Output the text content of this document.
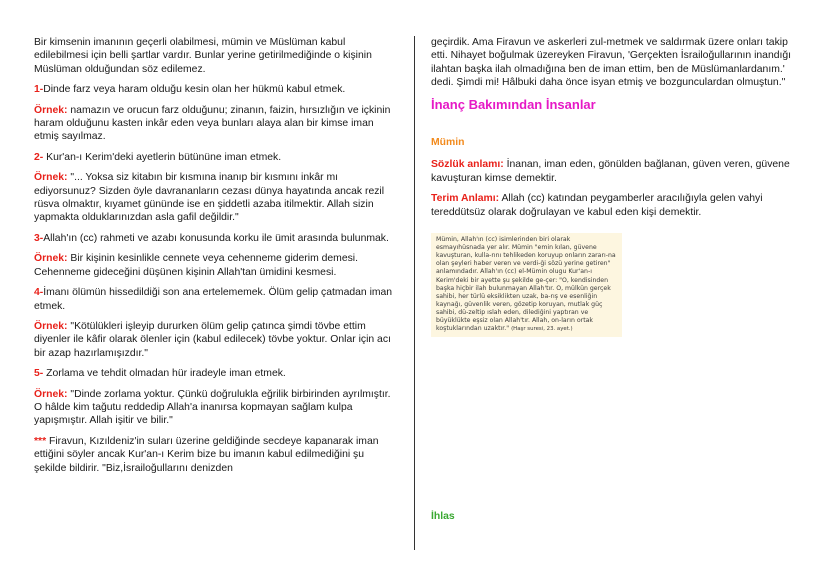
Bir kimsenin imanının geçerli olabilmesi, mümin ve Müslüman kabul edilebilmesi için belli şartlar vardır. Bunlar yerine getirilmediğinde o kişinin Müslüman olduğundan söz edilemez.

1-Dinde farz veya haram olduğu kesin olan her hükmü kabul etmek.

Örnek: namazın ve orucun farz olduğunu; zinanın, faizin, hırsızlığın ve içkinin haram olduğunu kasten inkâr eden veya bunları alaya alan bir kimse iman etmiş sayılmaz.

2- Kur'an-ı Kerim'deki ayetlerin bütününe iman etmek.

Örnek: "... Yoksa siz kitabın bir kısmına inanıp bir kısmını inkâr mı ediyorsunuz? Sizden öyle davrananların cezası dünya hayatında ancak rezil rüsva olmaktır, kıyamet gününde ise en şiddetli azaba itilmektir. Allah sizin yapmakta olduklarınızdan asla gafil değildir."

3-Allah'ın (cc) rahmeti ve azabı konusunda korku ile ümit arasında bulunmak.

Örnek: Bir kişinin kesinlikle cennete veya cehenneme giderim demesi. Cehenneme gideceğini düşünen kişinin Allah'tan ümidini kesmesi.

4-İmanı ölümün hissedildiği son ana ertelememek. Ölüm gelip çatmadan iman etmek.

Örnek: "Kötülükleri işleyip dururken ölüm gelip çatınca şimdi tövbe ettim diyenler ile kâfir olarak ölenler için (kabul edilecek) tövbe yoktur. Onlar için acı bir azap hazırlamışızdır."

5- Zorlama ve tehdit olmadan hür iradeyle iman etmek.

Örnek: "Dinde zorlama yoktur. Çünkü doğrulukla eğrilik birbirinden ayrılmıştır. O hâlde kim tağutu reddedip Allah'a inanırsa kopmayan sağlam kulpa yapışmıştır. Allah işitir ve bilir."

*** Firavun, Kızıldeniz'in suları üzerine geldiğinde secdeye kapanarak iman ettiğini söyler ancak Kur'an-ı Kerim bize bu imanın kabul edilmediğini şu şekilde bildirir. "Biz,İsrailoğullarını denizden

geçirdik. Ama Firavun ve askerleri zul-metmek ve saldırmak üzere onları takip etti. Nihayet boğulmak üzereyken Firavun, 'Gerçekten İsrailoğullarının inandığı ilahtan başka ilah olmadığına ben de iman ettim, ben de Müslümanlardanım.' dedi. Şimdi mi! Hâlbuki daha önce isyan etmiş ve bozgunculardan olmuştun."

İnanç Bakımından İnsanlar
Mümin

Sözlük anlamı: İnanan, iman eden, gönülden bağlanan, güven veren, güvene kavuşturan kimse demektir.

Terim Anlamı: Allah (cc) katından peygamberler aracılığıyla gelen vahyi tereddütsüz olarak doğrulayan ve kabul eden kişi demektir.

Mümin, Allah'ın (cc) isimlerinden biri olarak esmayıhüsnada yer alır. Mümin "emin kılan, güvene kavuşturan, kulla-rını tehlikeden koruyup onların zararı-na olan şeyleri haber veren ve verdi-ği sözü yerine getiren" anlamındadır. Allah'ın (cc) el-Mümin olugu Kur'an-ı Kerim'deki bir ayette şu şekilde ge-çer: "O, kendisinden başka hiçbir ilah bulunmayan Allah'tır. O, mülkün gerçek sahibi, her türlü eksiklikten uzak, ba-rış ve esenliğin kaynağı, güvenlik veren, gözetip koruyan, mutlak güç sahibi, dü-zeltip ıslah eden, dilediğini yaptıran ve büyüklükte eşsiz olan Allah'tır. Allah, on-ların ortak koştuklarından uzaktır." (Haşr suresi, 23. ayet.)
İhlas
